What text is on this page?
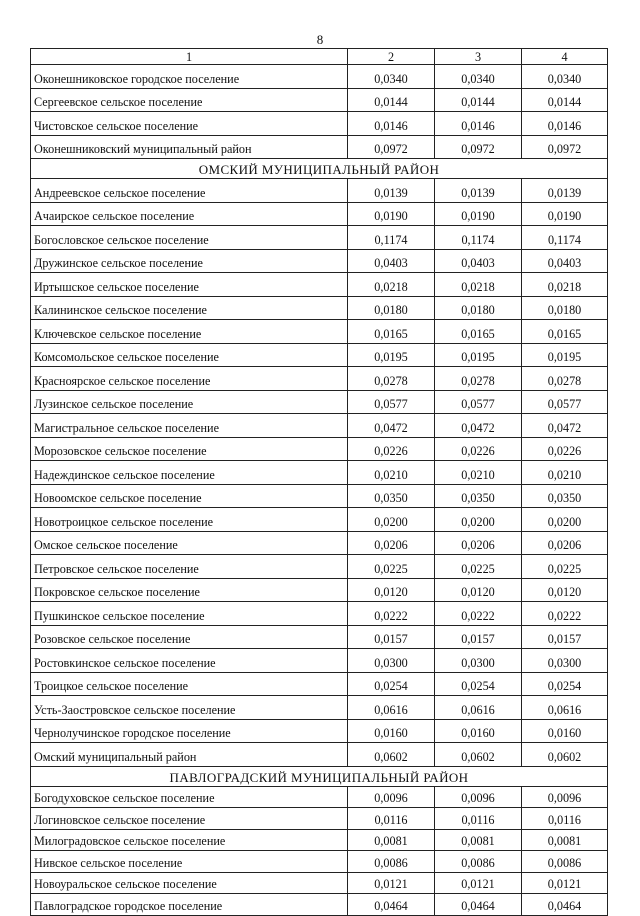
8
1	2	3	4
Оконешниковское городское поселение	0,0340	0,0340	0,0340
Сергеевское сельское поселение	0,0144	0,0144	0,0144
Чистовское сельское поселение	0,0146	0,0146	0,0146
Оконешниковский муниципальный район	0,0972	0,0972	0,0972
ОМСКИЙ МУНИЦИПАЛЬНЫЙ РАЙОН			
Андреевское сельское поселение	0,0139	0,0139	0,0139
Ачаирское сельское поселение	0,0190	0,0190	0,0190
Богословское сельское поселение	0,1174	0,1174	0,1174
Дружинское сельское поселение	0,0403	0,0403	0,0403
Иртышское сельское поселение	0,0218	0,0218	0,0218
Калининское сельское поселение	0,0180	0,0180	0,0180
Ключевское сельское поселение	0,0165	0,0165	0,0165
Комсомольское сельское поселение	0,0195	0,0195	0,0195
Красноярское сельское поселение	0,0278	0,0278	0,0278
Лузинское сельское поселение	0,0577	0,0577	0,0577
Магистральное сельское поселение	0,0472	0,0472	0,0472
Морозовское сельское поселение	0,0226	0,0226	0,0226
Надеждинское сельское поселение	0,0210	0,0210	0,0210
Новоомское сельское поселение	0,0350	0,0350	0,0350
Новотроицкое сельское поселение	0,0200	0,0200	0,0200
Омское сельское поселение	0,0206	0,0206	0,0206
Петровское сельское поселение	0,0225	0,0225	0,0225
Покровское сельское поселение	0,0120	0,0120	0,0120
Пушкинское сельское поселение	0,0222	0,0222	0,0222
Розовское сельское поселение	0,0157	0,0157	0,0157
Ростовкинское сельское поселение	0,0300	0,0300	0,0300
Троицкое сельское поселение	0,0254	0,0254	0,0254
Усть-Заостровское сельское поселение	0,0616	0,0616	0,0616
Чернолучинское городское поселение	0,0160	0,0160	0,0160
Омский муниципальный район	0,0602	0,0602	0,0602
ПАВЛОГРАДСКИЙ МУНИЦИПАЛЬНЫЙ РАЙОН			
Богодуховское сельское поселение	0,0096	0,0096	0,0096
Логиновское сельское поселение	0,0116	0,0116	0,0116
Милоградовское сельское поселение	0,0081	0,0081	0,0081
Нивское сельское поселение	0,0086	0,0086	0,0086
Новоуральское сельское поселение	0,0121	0,0121	0,0121
Павлоградское городское поселение	0,0464	0,0464	0,0464
